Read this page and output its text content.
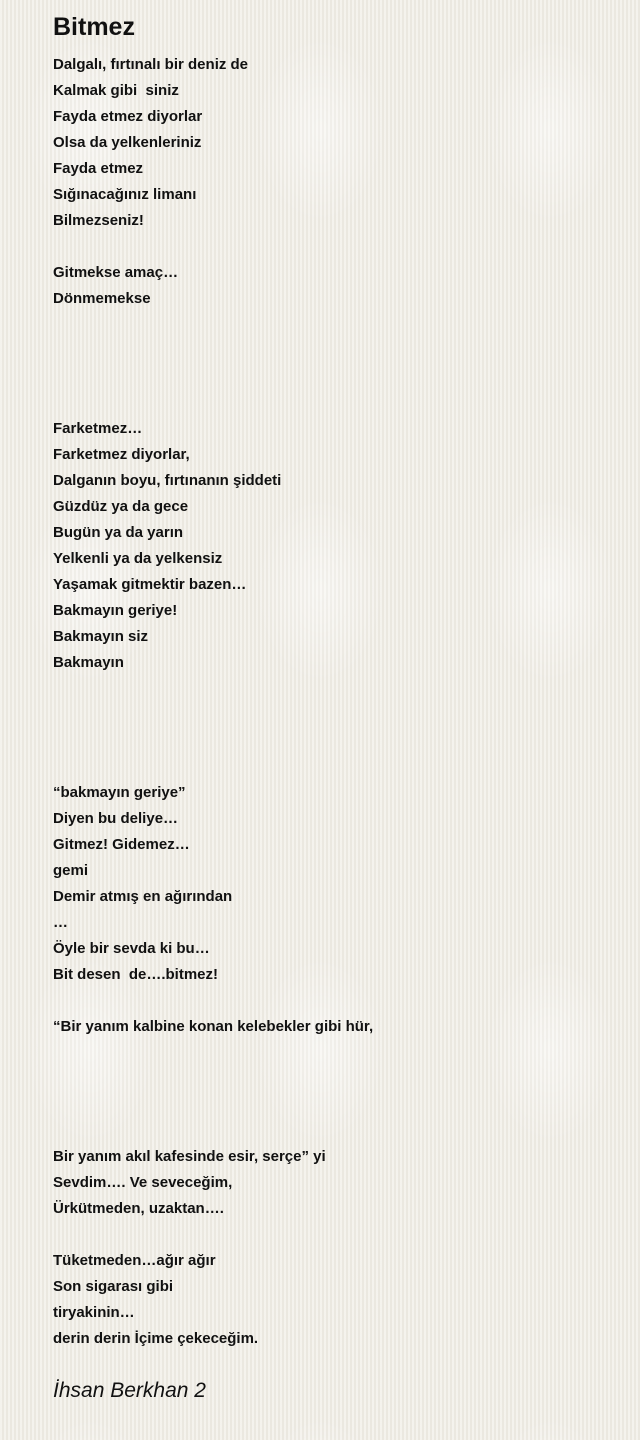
Bitmez
Dalgalı, fırtınalı bir deniz de
Kalmak gibi  siniz
Fayda etmez diyorlar
Olsa da yelkenleriniz
Fayda etmez
Sığınacağınız limanı
Bilmezseniz!
Gitmekse amaç…
Dönmemekse
Farketmez…
Farketmez diyorlar,
Dalganın boyu, fırtınanın şiddeti
Güzdüz ya da gece
Bugün ya da yarın
Yelkenli ya da yelkensiz
Yaşamak gitmektir bazen…
Bakmayın geriye!
Bakmayın siz
Bakmayın
“bakmayın geriye”
Diyen bu deliye…
Gitmez! Gidemez…
gemi
Demir atmış en ağırından
…
Öyle bir sevda ki bu…
Bit desen  de….bitmez!
“Bir yanım kalbine konan kelebekler gibi hür,
Bir yanım akıl kafesinde esir, serçe” yi
Sevdim…. Ve seveceğim,
Ürkütmeden, uzaktan….
Tüketmeden…ağır ağır
Son sigarası gibi
tiryakinin…
derin derin İçime çekeceğim.
İhsan Berkhan 2
